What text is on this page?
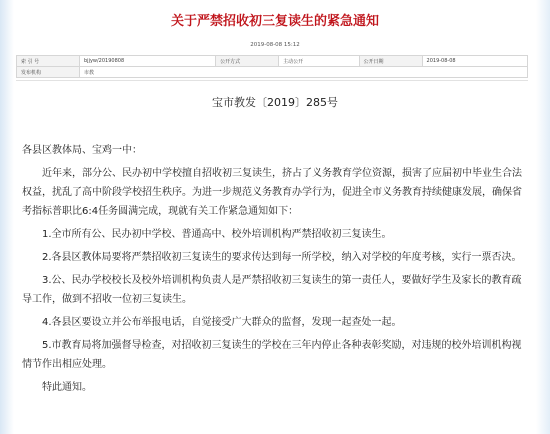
关于严禁招收初三复读生的紧急通知
2019-08-08 15:12
索 引 号	bjjyw/20190808	公开方式	主动公开	公开日期	2019-08-08
发布机构	市教				
宝市教发〔2019〕285号

各县区教体局、宝鸡一中：

近年来，部分公、民办初中学校擅自招收初三复读生，挤占了义务教育学位资源，损害了应届初中毕业生合法权益，扰乱了高中阶段学校招生秩序。为进一步规范义务教育办学行为，促进全市义务教育持续健康发展，确保省考指标普职比6:4任务圆满完成，现就有关工作紧急通知如下：

1.全市所有公、民办初中学校、普通高中、校外培训机构严禁招收初三复读生。

2.各县区教体局要将严禁招收初三复读生的要求传达到每一所学校，纳入对学校的年度考核，实行一票否决。

3.公、民办学校校长及校外培训机构负责人是严禁招收初三复读生的第一责任人，要做好学生及家长的教育疏导工作，做到不招收一位初三复读生。

4.各县区要设立并公布举报电话，自觉接受广大群众的监督，发现一起查处一起。

5.市教育局将加强督导检查，对招收初三复读生的学校在三年内停止各种表彰奖励，对违规的校外培训机构视情节作出相应处理。

特此通知。
